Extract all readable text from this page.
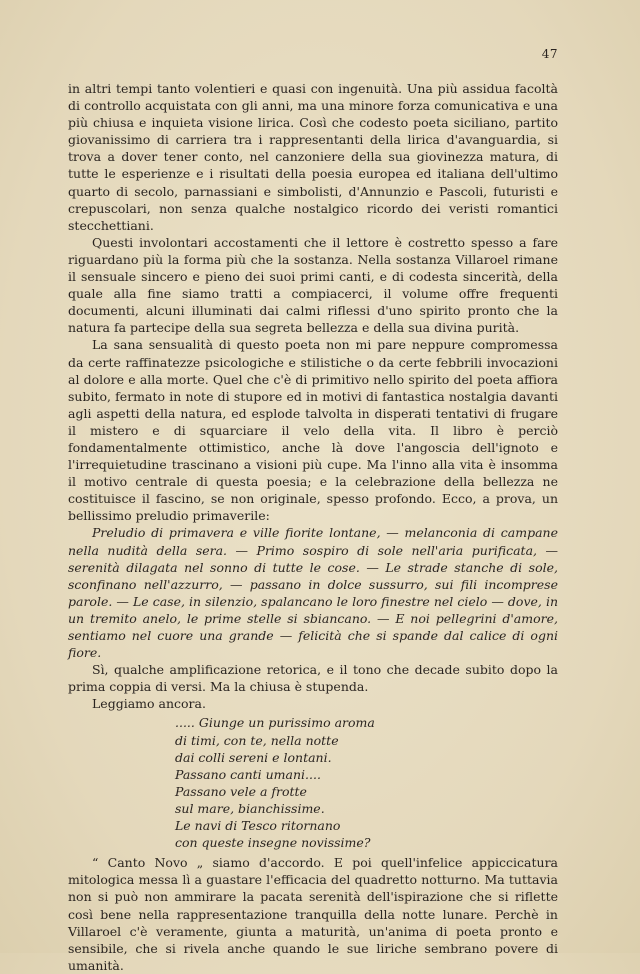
47

in altri tempi tanto volentieri e quasi con ingenuità. Una più assidua facoltà di controllo acquistata con gli anni, ma una minore forza comunicativa e una più chiusa e inquieta visione lirica. Così che codesto poeta siciliano, partito giovanissimo di carriera tra i rappresentanti della lirica d'avanguardia, si trova a dover tener conto, nel canzoniere della sua giovinezza matura, di tutte le esperienze e i risultati della poesia europea ed italiana dell'ultimo quarto di secolo, parnassiani e simbolisti, d'Annunzio e Pascoli, futuristi e crepuscolari, non senza qualche nostalgico ricordo dei veristi romantici stecchettiani.

Questi involontari accostamenti che il lettore è costretto spesso a fare riguardano più la forma più che la sostanza. Nella sostanza Villaroel rimane il sensuale sincero e pieno dei suoi primi canti, e di codesta sincerità, della quale alla fine siamo tratti a compiacerci, il volume offre frequenti documenti, alcuni illuminati dai calmi riflessi d'uno spirito pronto che la natura fa partecipe della sua segreta bellezza e della sua divina purità.

La sana sensualità di questo poeta non mi pare neppure compromessa da certe raffinatezze psicologiche e stilistiche o da certe febbrili invocazioni al dolore e alla morte. Quel che c'è di primitivo nello spirito del poeta affiora subito, fermato in note di stupore ed in motivi di fantastica nostalgia davanti agli aspetti della natura, ed esplode talvolta in disperati tentativi di frugare il mistero e di squarciare il velo della vita. Il libro è perciò fondamentalmente ottimistico, anche là dove l'angoscia dell'ignoto e l'irrequietudine trascinano a visioni più cupe. Ma l'inno alla vita è insomma il motivo centrale di questa poesia; e la celebrazione della bellezza ne costituisce il fascino, se non originale, spesso profondo. Ecco, a prova, un bellissimo preludio primaverile:

Preludio di primavera e ville fiorite lontane, — melanconia di campane nella nudità della sera. — Primo sospiro di sole nell'aria purificata, — serenità dilagata nel sonno di tutte le cose. — Le strade stanche di sole, sconfinano nell'azzurro, — passano in dolce sussurro, sui fili incomprese parole. — Le case, in silenzio, spalancano le loro finestre nel cielo — dove, in un tremito anelo, le prime stelle si sbiancano. — E noi pellegrini d'amore, sentiamo nel cuore una grande — felicità che si spande dal calice di ogni fiore.

Sì, qualche amplificazione retorica, e il tono che decade subito dopo la prima coppia di versi. Ma la chiusa è stupenda.

Leggiamo ancora.

..... Giunge un purissimo aroma
di timi, con te, nella notte
dai colli sereni e lontani.
Passano canti umani....
Passano vele a frotte
sul mare, bianchissime.
Le navi di Tesco ritornano
con queste insegne novissime?

“ Canto Novo „ siamo d'accordo. E poi quell'infelice appiccicatura mitologica messa lì a guastare l'efficacia del quadretto notturno. Ma tuttavia non si può non ammirare la pacata serenità dell'ispirazione che si riflette così bene nella rappresentazione tranquilla della notte lunare. Perchè in Villaroel c'è veramente, giunta a maturità, un'anima di poeta pronto e sensibile, che si rivela anche quando le sue liriche sembrano povere di umanità.
